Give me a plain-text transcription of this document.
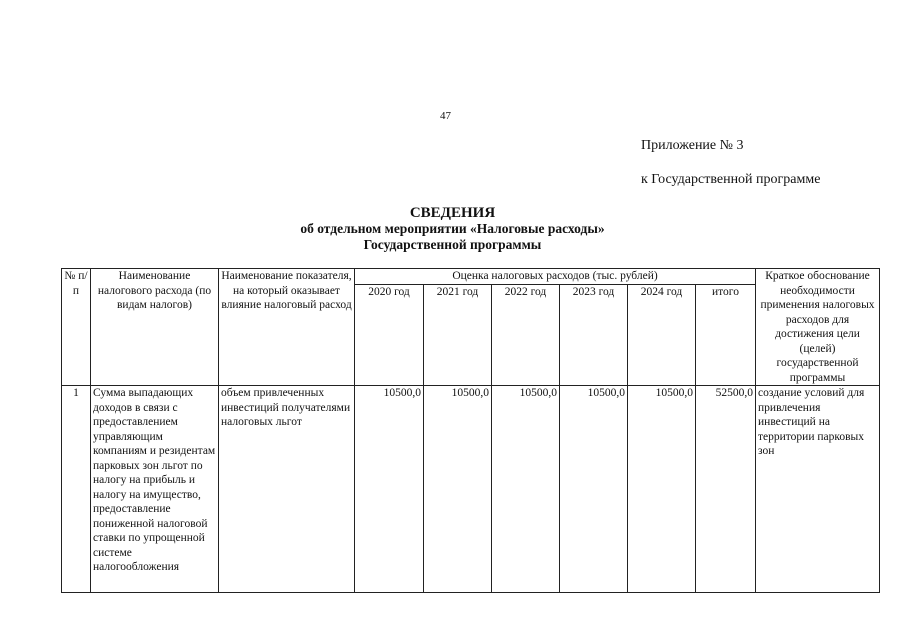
47
Приложение № 3
к Государственной программе
СВЕДЕНИЯ
об отдельном мероприятии «Налоговые расходы»
Государственной программы
№ п/п	Наименование налогового расхода (по видам налогов)	Наименование показателя, на который оказывает влияние налоговый расход	Оценка налоговых расходов (тыс. рублей)						Краткое обоснование необходимости применения налоговых расходов для достижения цели (целей) государственной программы
			2020 год	2021 год	2022 год	2023 год	2024 год	итого	
1	Сумма выпадающих доходов в связи с предоставлением управляющим компаниям и резидентам парковых зон льгот по налогу на прибыль и налогу на имущество, предоставление пониженной налоговой ставки по упрощенной системе налогообложения	объем привлеченных инвестиций получателями налоговых льгот	10500,0	10500,0	10500,0	10500,0	10500,0	52500,0	создание условий для привлечения инвестиций на территории парковых зон
